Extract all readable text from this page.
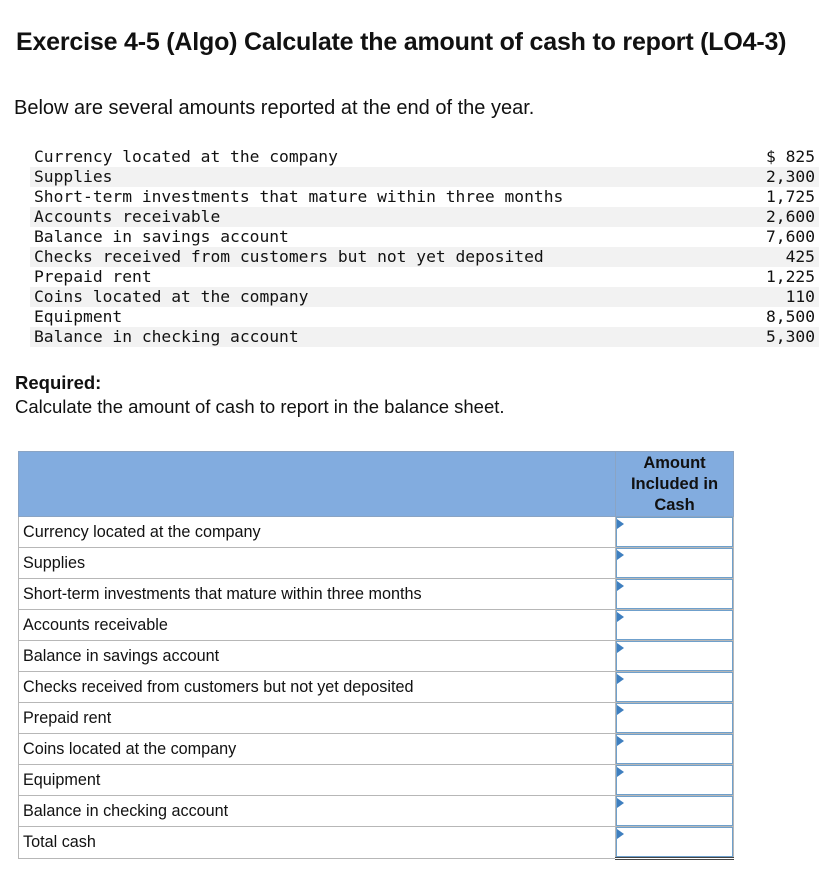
Exercise 4-5 (Algo) Calculate the amount of cash to report (LO4-3)
Below are several amounts reported at the end of the year.
Currency located at the company	$ 825
Supplies	2,300
Short-term investments that mature within three months	1,725
Accounts receivable	2,600
Balance in savings account	7,600
Checks received from customers but not yet deposited	425
Prepaid rent	1,225
Coins located at the company	110
Equipment	8,500
Balance in checking account	5,300
Required:
Calculate the amount of cash to report in the balance sheet.
	Amount
Included in
Cash
Currency located at the company	

Supplies	

Short-term investments that mature within three months	

Accounts receivable	

Balance in savings account	

Checks received from customers but not yet deposited	

Prepaid rent	

Coins located at the company	

Equipment	

Balance in checking account	

Total cash	
